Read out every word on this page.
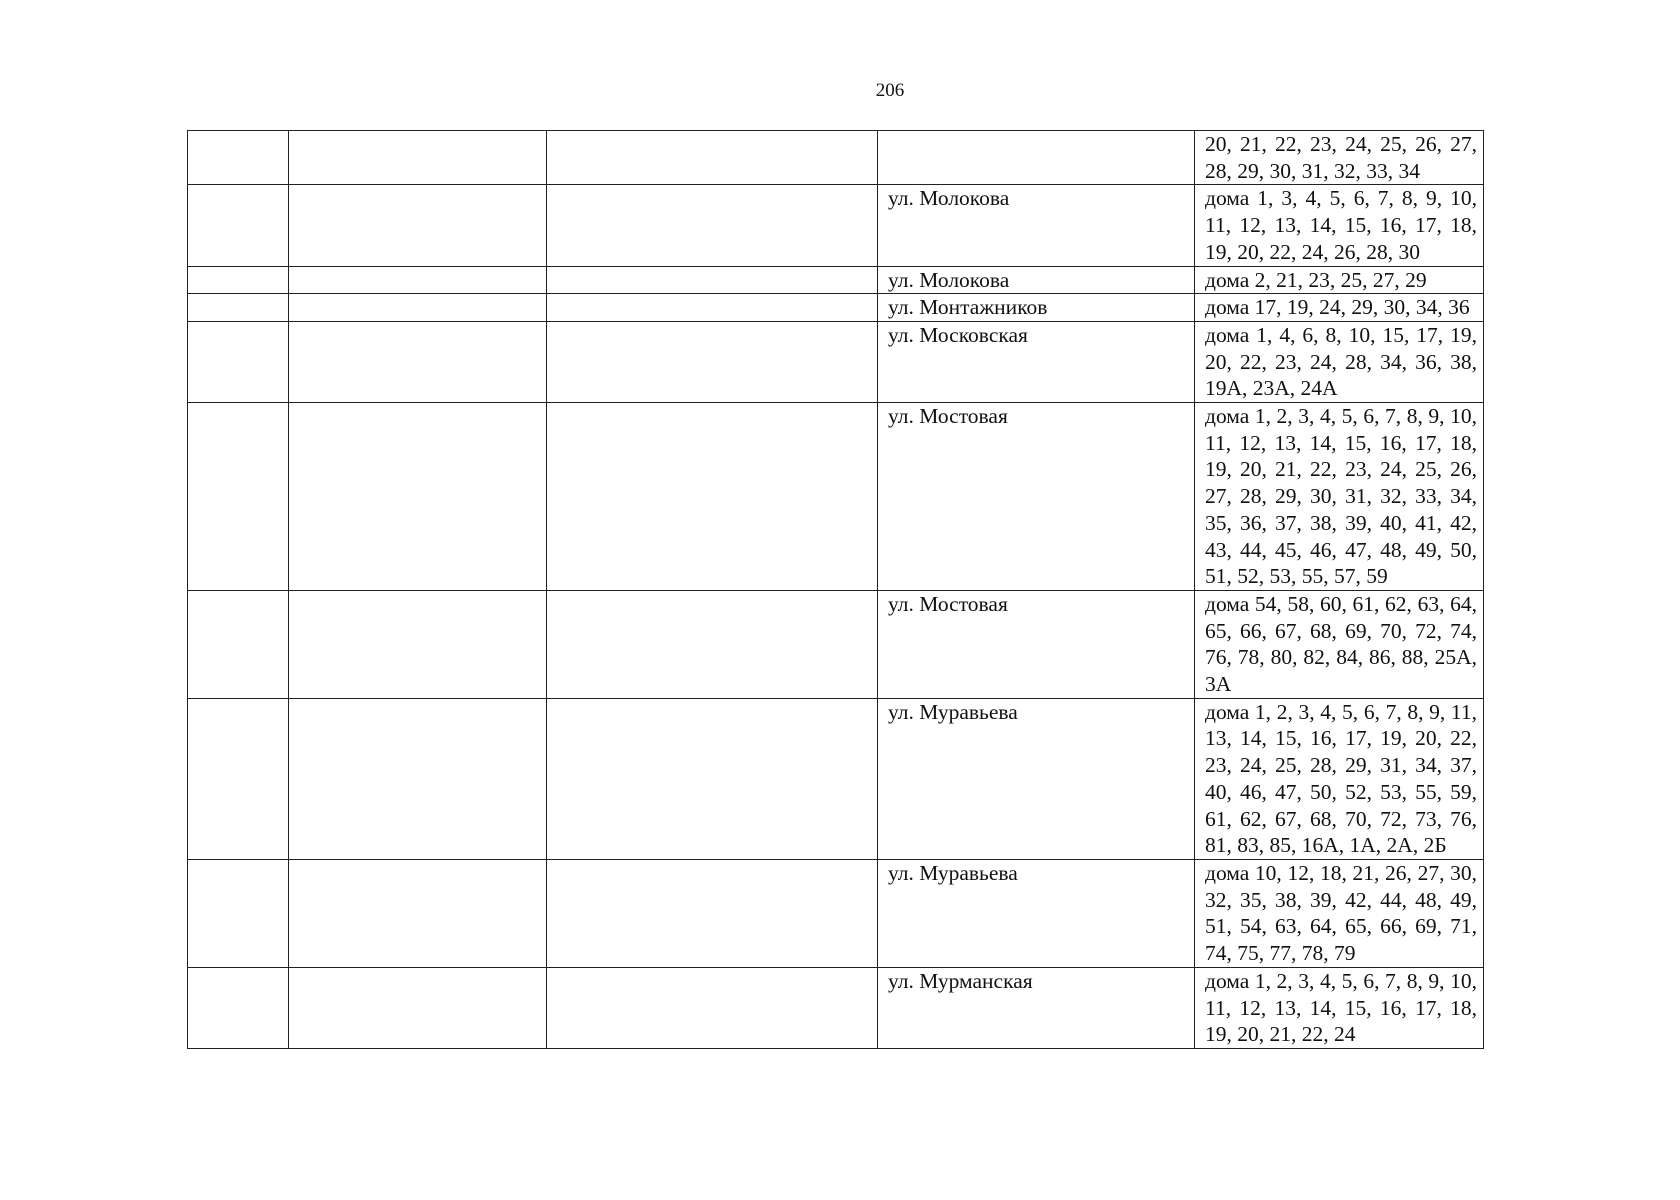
206
				20, 21, 22, 23, 24, 25, 26, 27, 28, 29, 30, 31, 32, 33, 34
			ул. Молокова	дома 1, 3, 4, 5, 6, 7, 8, 9, 10, 11, 12, 13, 14, 15, 16, 17, 18, 19, 20, 22, 24, 26, 28, 30
			ул. Молокова	дома 2, 21, 23, 25, 27, 29
			ул. Монтажников	дома 17, 19, 24, 29, 30, 34, 36
			ул. Московская	дома 1, 4, 6, 8, 10, 15, 17, 19, 20, 22, 23, 24, 28, 34, 36, 38, 19А, 23А, 24А
			ул. Мостовая	дома 1, 2, 3, 4, 5, 6, 7, 8, 9, 10, 11, 12, 13, 14, 15, 16, 17, 18, 19, 20, 21, 22, 23, 24, 25, 26, 27, 28, 29, 30, 31, 32, 33, 34, 35, 36, 37, 38, 39, 40, 41, 42, 43, 44, 45, 46, 47, 48, 49, 50, 51, 52, 53, 55, 57, 59
			ул. Мостовая	дома 54, 58, 60, 61, 62, 63, 64, 65, 66, 67, 68, 69, 70, 72, 74, 76, 78, 80, 82, 84, 86, 88, 25А, 3А
			ул. Муравьева	дома 1, 2, 3, 4, 5, 6, 7, 8, 9, 11, 13, 14, 15, 16, 17, 19, 20, 22, 23, 24, 25, 28, 29, 31, 34, 37, 40, 46, 47, 50, 52, 53, 55, 59, 61, 62, 67, 68, 70, 72, 73, 76, 81, 83, 85, 16А, 1А, 2А, 2Б
			ул. Муравьева	дома 10, 12, 18, 21, 26, 27, 30, 32, 35, 38, 39, 42, 44, 48, 49, 51, 54, 63, 64, 65, 66, 69, 71, 74, 75, 77, 78, 79
			ул. Мурманская	дома 1, 2, 3, 4, 5, 6, 7, 8, 9, 10, 11, 12, 13, 14, 15, 16, 17, 18, 19, 20, 21, 22, 24
